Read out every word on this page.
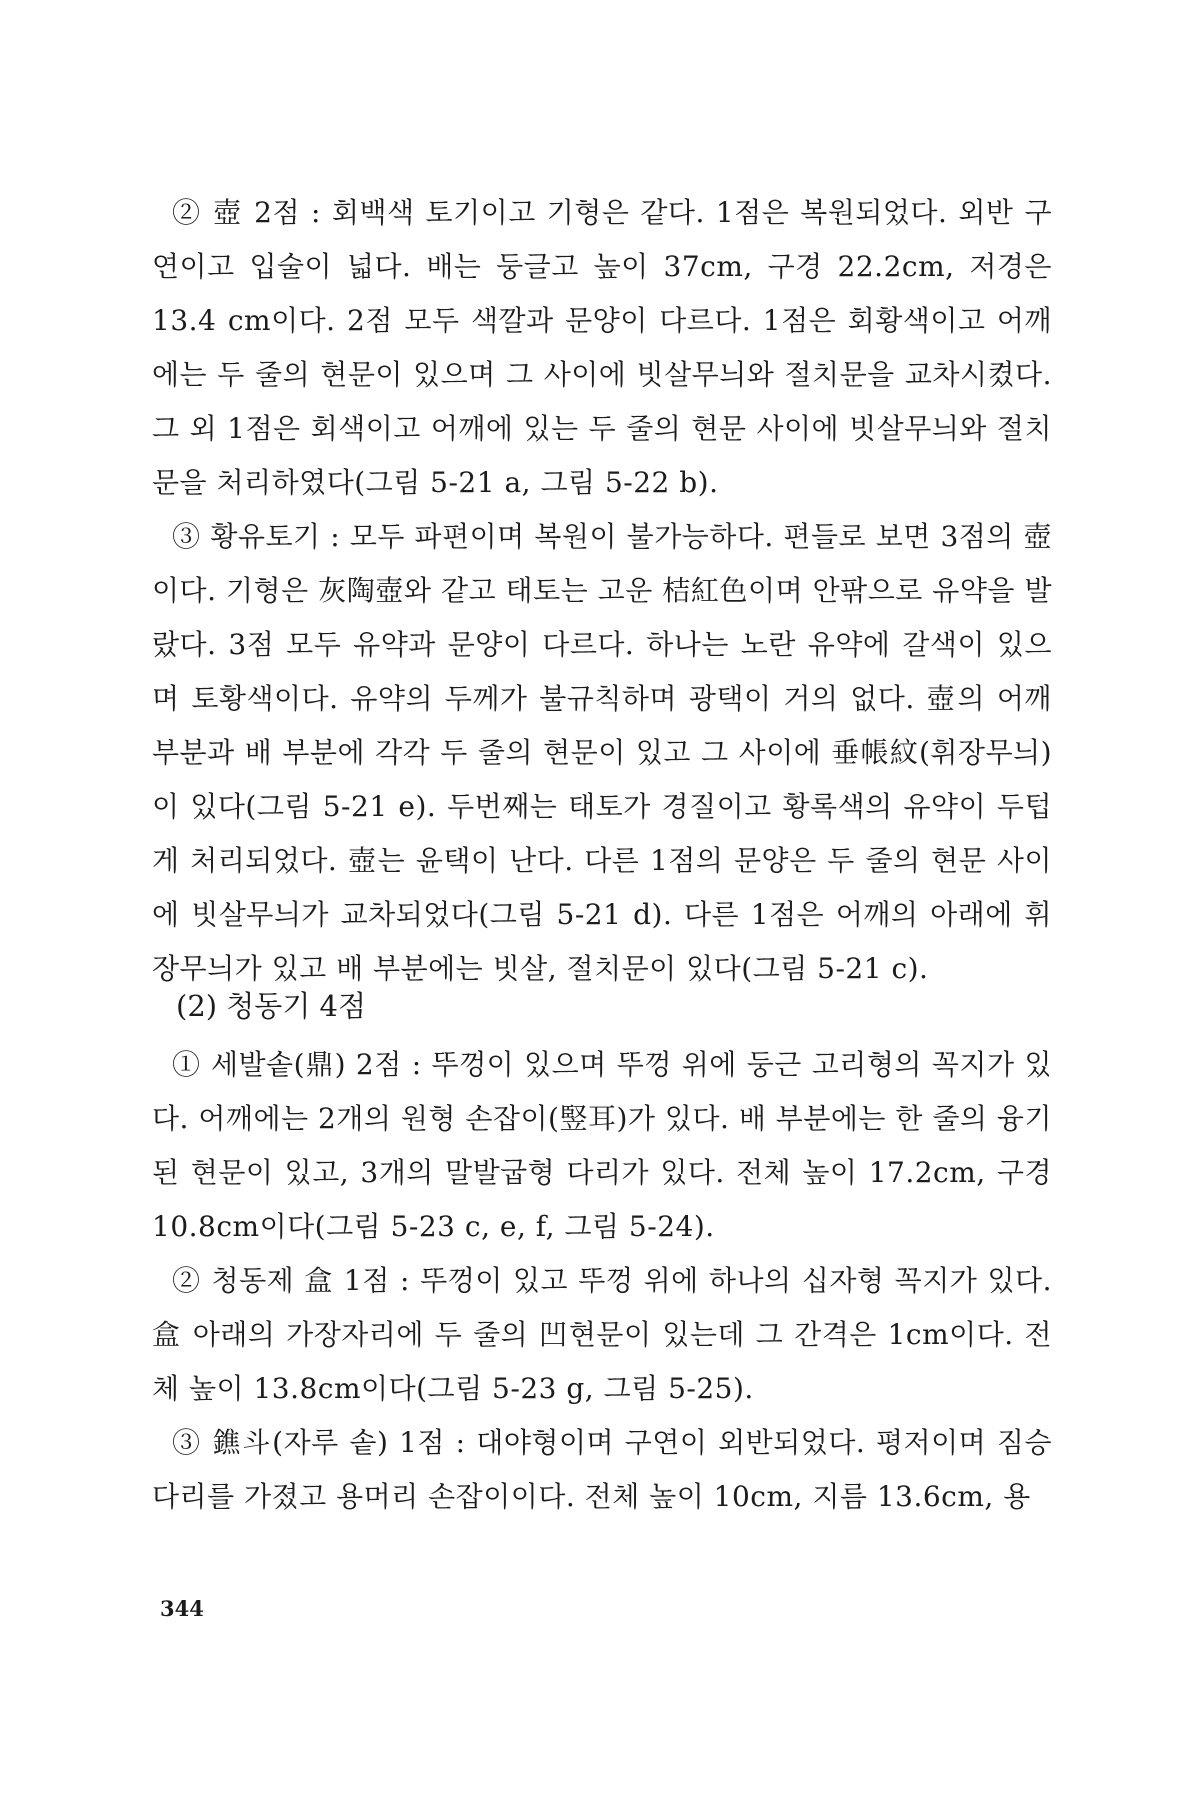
② 壺 2점 : 회백색 토기이고 기형은 같다. 1점은 복원되었다. 외반 구연이고 입술이 넓다. 배는 둥글고 높이 37cm, 구경 22.2cm, 저경은 13.4 cm이다. 2점 모두 색깔과 문양이 다르다. 1점은 회황색이고 어깨에는 두 줄의 현문이 있으며 그 사이에 빗살무늬와 절치문을 교차시켰다. 그 외 1점은 회색이고 어깨에 있는 두 줄의 현문 사이에 빗살무늬와 절치문을 처리하였다(그림 5-21 a, 그림 5-22 b).

③ 황유토기 : 모두 파편이며 복원이 불가능하다. 편들로 보면 3점의 壺이다. 기형은 灰陶壺와 같고 태토는 고운 桔紅色이며 안팎으로 유약을 발랐다. 3점 모두 유약과 문양이 다르다. 하나는 노란 유약에 갈색이 있으며 토황색이다. 유약의 두께가 불규칙하며 광택이 거의 없다. 壺의 어깨 부분과 배 부분에 각각 두 줄의 현문이 있고 그 사이에 垂帳紋(휘장무늬)이 있다(그림 5-21 e). 두번째는 태토가 경질이고 황록색의 유약이 두텁게 처리되었다. 壺는 윤택이 난다. 다른 1점의 문양은 두 줄의 현문 사이에 빗살무늬가 교차되었다(그림 5-21 d). 다른 1점은 어깨의 아래에 휘장무늬가 있고 배 부분에는 빗살, 절치문이 있다(그림 5-21 c).

(2) 청동기 4점

① 세발솥(鼎) 2점 : 뚜껑이 있으며 뚜껑 위에 둥근 고리형의 꼭지가 있다. 어깨에는 2개의 원형 손잡이(竪耳)가 있다. 배 부분에는 한 줄의 융기된 현문이 있고, 3개의 말발굽형 다리가 있다. 전체 높이 17.2cm, 구경 10.8cm이다(그림 5-23 c, e, f, 그림 5-24).

② 청동제 盒 1점 : 뚜껑이 있고 뚜껑 위에 하나의 십자형 꼭지가 있다. 盒 아래의 가장자리에 두 줄의 凹현문이 있는데 그 간격은 1cm이다. 전체 높이 13.8cm이다(그림 5-23 g, 그림 5-25).

③ 鐎斗(자루 솥) 1점 : 대야형이며 구연이 외반되었다. 평저이며 짐승다리를 가졌고 용머리 손잡이이다. 전체 높이 10cm, 지름 13.6cm, 용

344
